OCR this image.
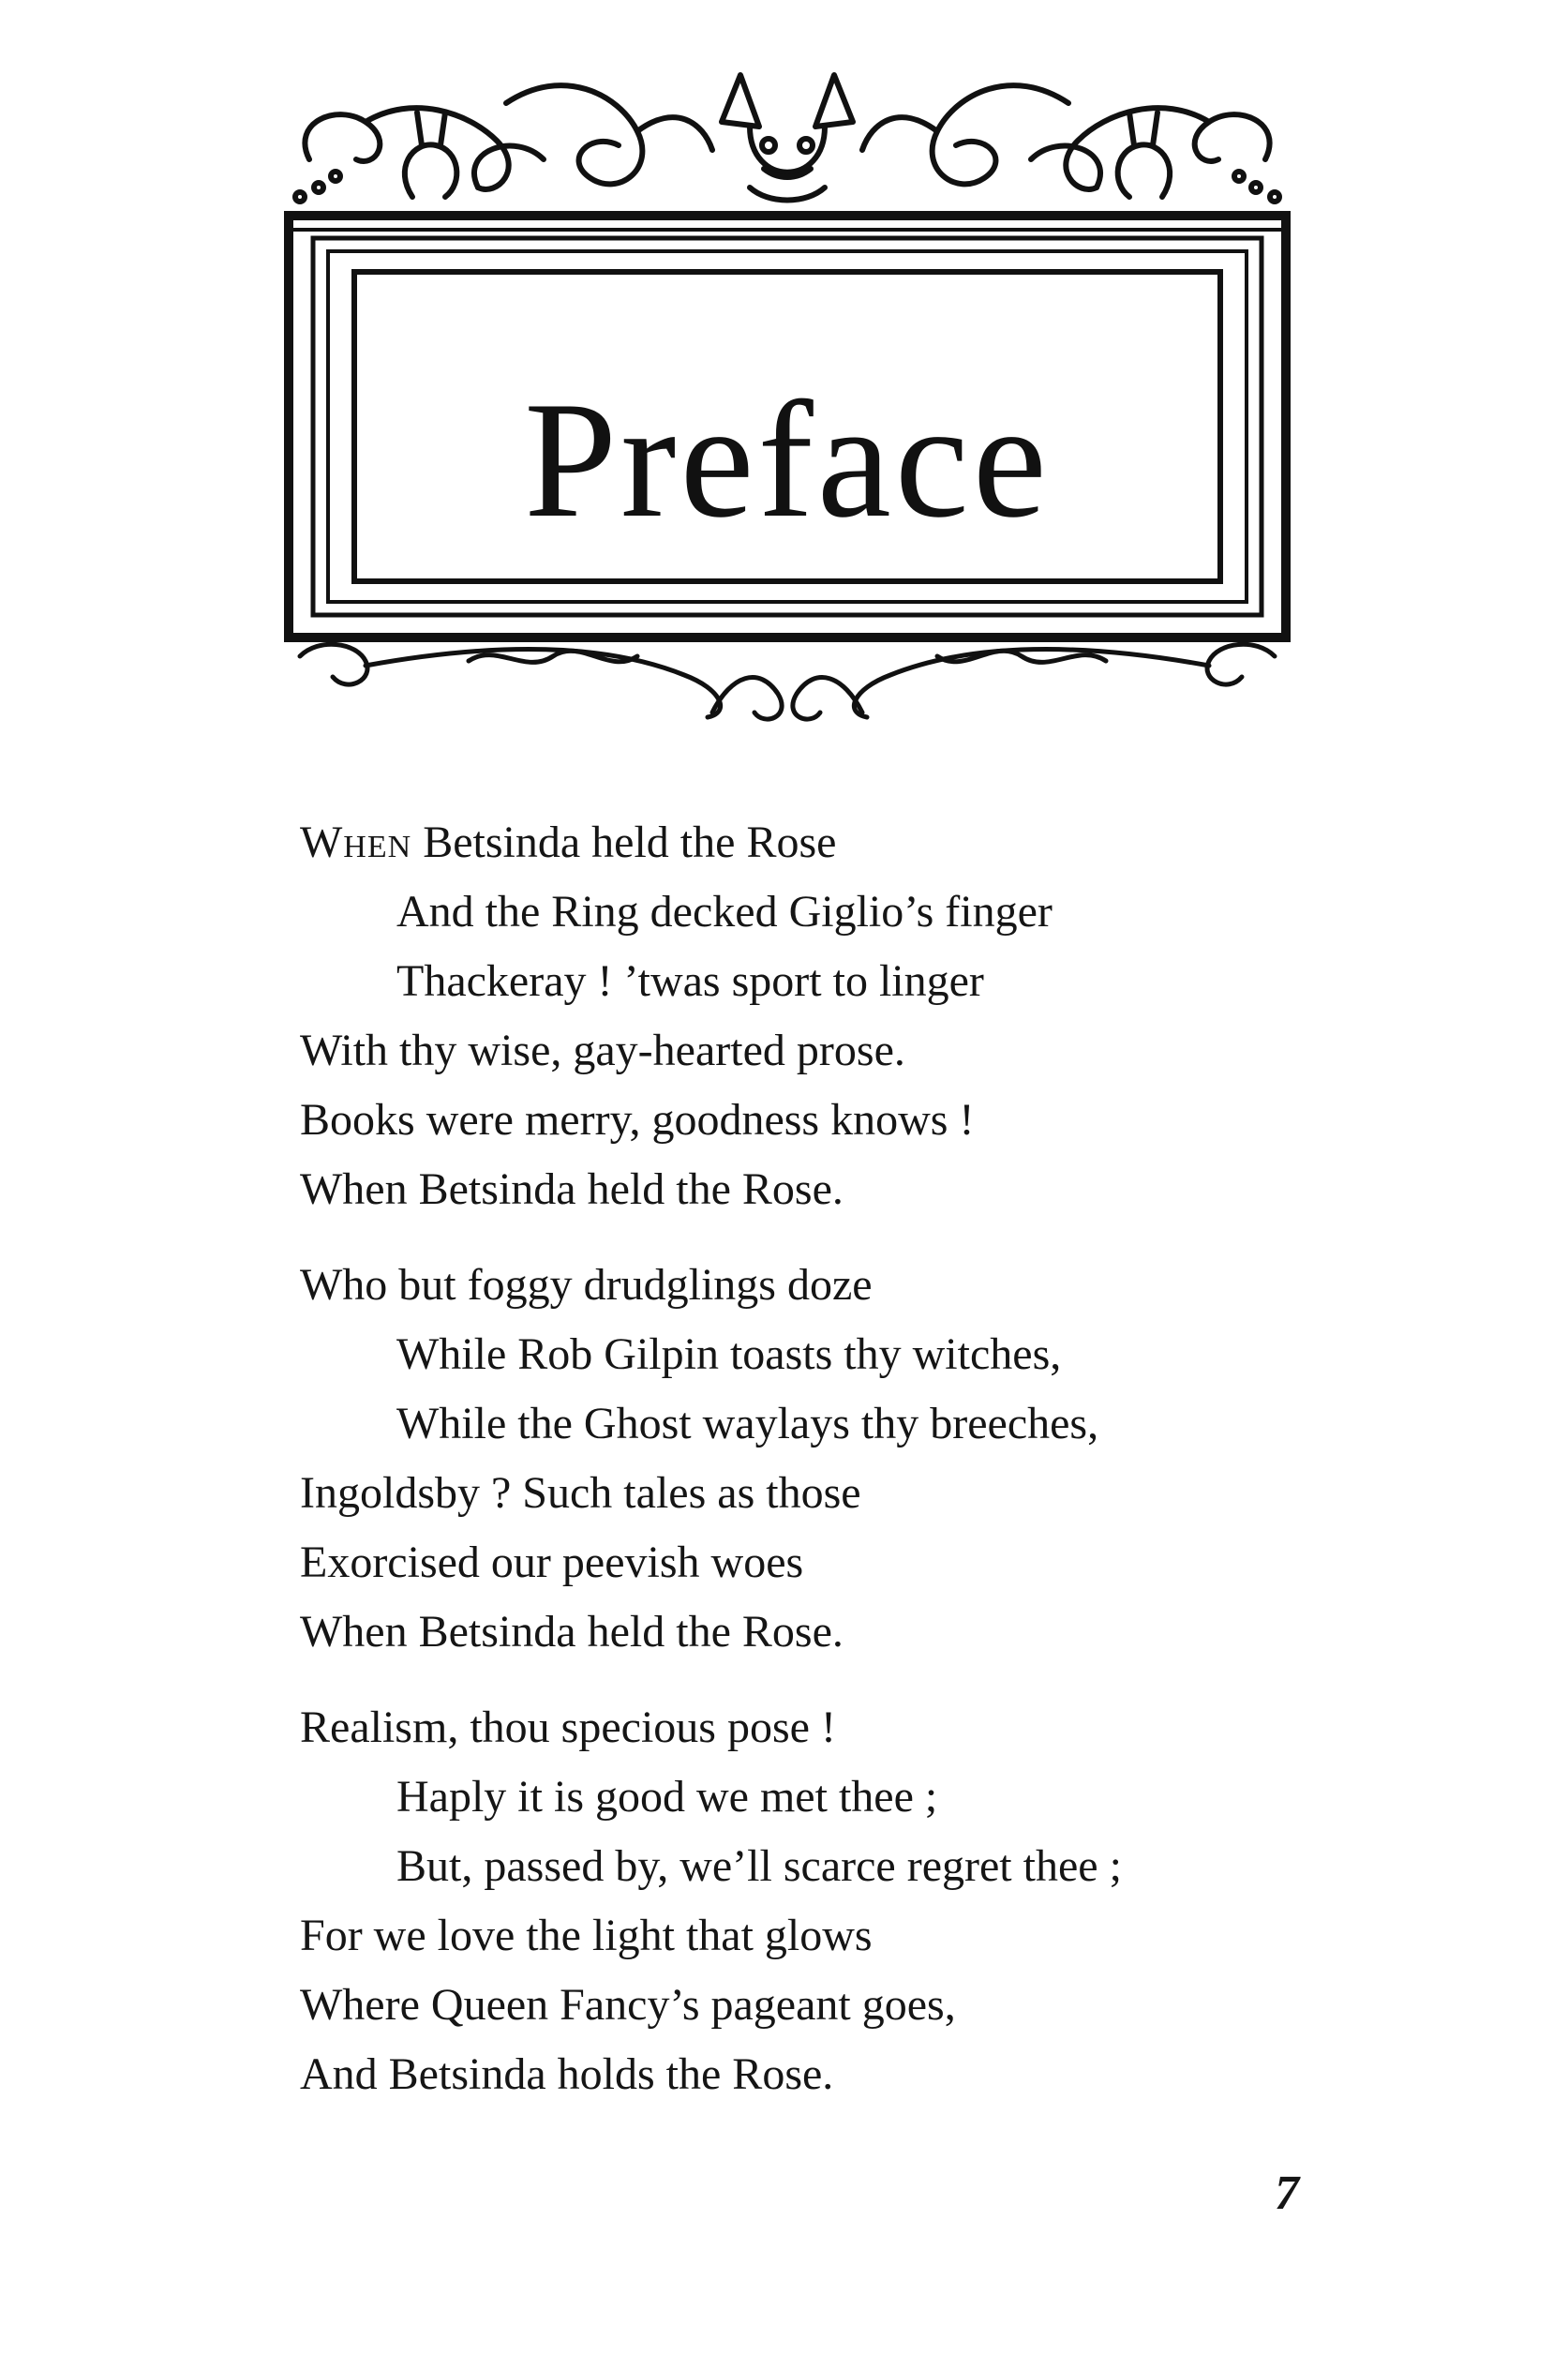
Preface
When Betsinda held the Rose
And the Ring decked Giglio’s finger
Thackeray ! ’twas sport to linger
With thy wise, gay-hearted prose.
Books were merry, goodness knows !
When Betsinda held the Rose.
Who but foggy drudglings doze
While Rob Gilpin toasts thy witches,
While the Ghost waylays thy breeches,
Ingoldsby ? Such tales as those
Exorcised our peevish woes
When Betsinda held the Rose.
Realism, thou specious pose !
Haply it is good we met thee ;
But, passed by, we’ll scarce regret thee ;
For we love the light that glows
Where Queen Fancy’s pageant goes,
And Betsinda holds the Rose.
7
